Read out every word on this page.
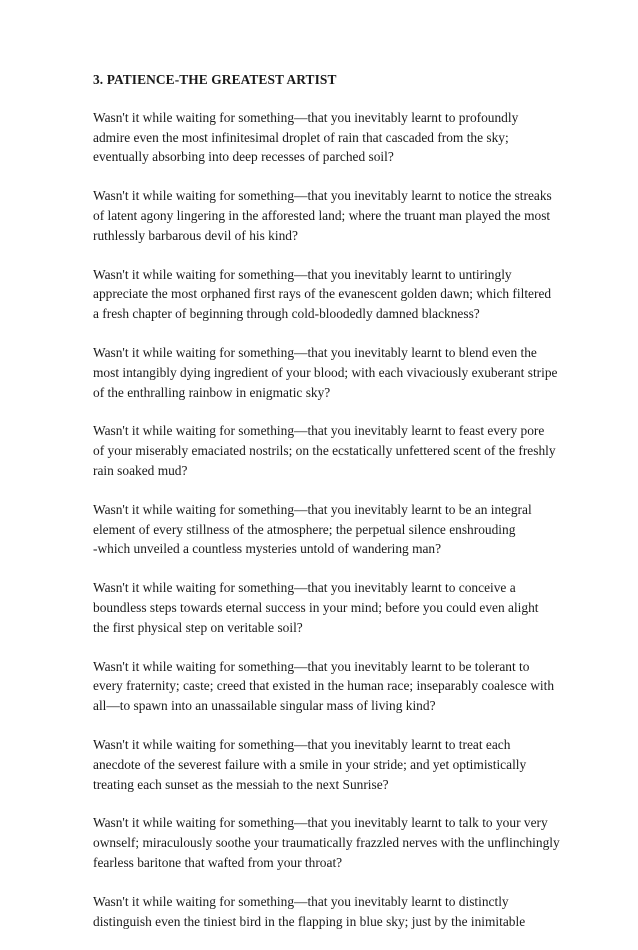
3. PATIENCE-THE GREATEST ARTIST
Wasn't it while waiting for something—that you inevitably learnt to profoundly
admire even the most infinitesimal droplet of rain that cascaded from the sky;
eventually absorbing into deep recesses of parched soil?
Wasn't it while waiting for something—that you inevitably learnt to notice the streaks
of latent agony lingering in the afforested land; where the truant man played the most
ruthlessly barbarous devil of his kind?
Wasn't it while waiting for something—that you inevitably learnt to untiringly
appreciate the most orphaned first rays of the evanescent golden dawn; which filtered
a fresh chapter of beginning through cold-bloodedly damned blackness?
Wasn't it while waiting for something—that you inevitably learnt to blend even the
most intangibly dying ingredient of your blood; with each vivaciously exuberant stripe
of the enthralling rainbow in enigmatic sky?
Wasn't it while waiting for something—that you inevitably learnt to feast every pore
of your miserably emaciated nostrils; on the ecstatically unfettered scent of the freshly
rain soaked mud?
Wasn't it while waiting for something—that you inevitably learnt to be an integral
element of every stillness of the atmosphere; the perpetual silence enshrouding
-which unveiled a countless mysteries untold of wandering man?
Wasn't it while waiting for something—that you inevitably learnt to conceive a
boundless steps towards eternal success in your mind; before you could even alight
the first physical step on veritable soil?
Wasn't it while waiting for something—that you inevitably learnt to be tolerant to
every fraternity; caste; creed that existed in the human race; inseparably coalesce with
all—to spawn into an unassailable singular mass of living kind?
Wasn't it while waiting for something—that you inevitably learnt to treat each
anecdote of the severest failure with a smile in your stride; and yet optimistically
treating each sunset as the messiah to the next Sunrise?
Wasn't it while waiting for something—that you inevitably learnt to talk to your very
ownself; miraculously soothe your traumatically frazzled nerves with the unflinchingly
fearless baritone that wafted from your throat?
Wasn't it while waiting for something—that you inevitably learnt to distinctly
distinguish even the tiniest bird in the flapping in blue sky; just by the inimitable
